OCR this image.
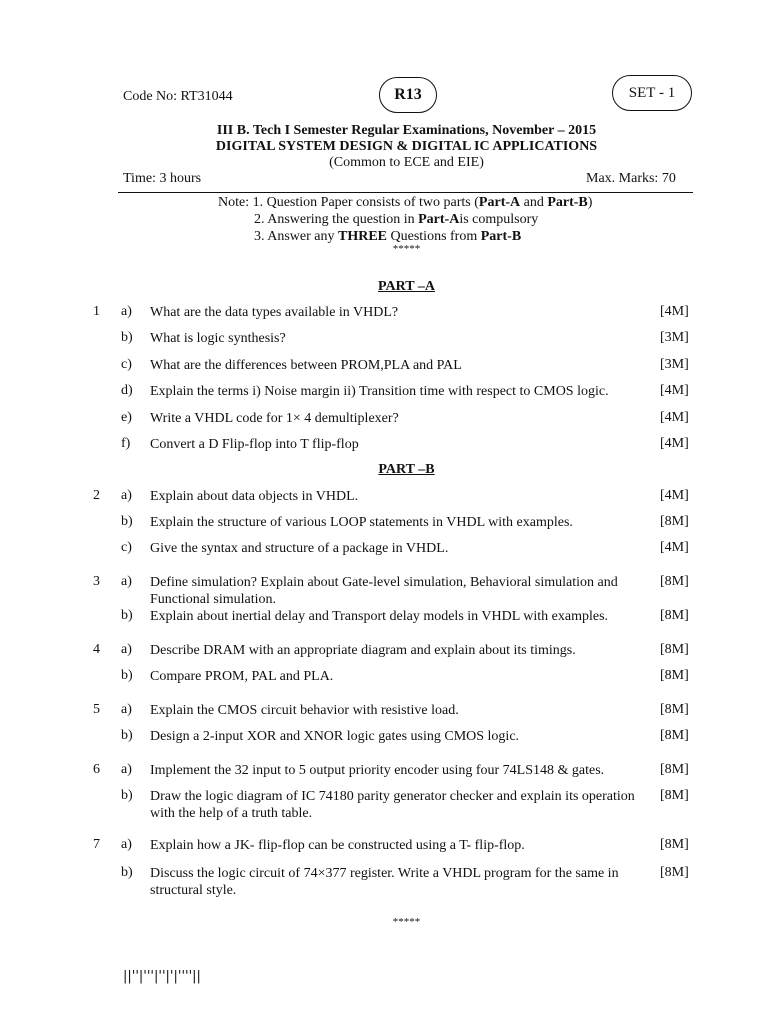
Code No: RT31044	R13	SET - 1
III B. Tech I Semester Regular Examinations, November – 2015
DIGITAL SYSTEM DESIGN & DIGITAL IC APPLICATIONS
(Common to ECE and EIE)
Time: 3 hours	Max. Marks: 70
Note: 1. Question Paper consists of two parts (Part-A and Part-B)
2. Answering the question in Part-Ais compulsory
3. Answer any THREE Questions from Part-B
*****
PART –A
1 a) What are the data types available in VHDL?	[4M]
b) What is logic synthesis?	[3M]
c) What are the differences between PROM,PLA and PAL	[3M]
d) Explain the terms i) Noise margin ii) Transition time with respect to CMOS logic.	[4M]
e) Write a VHDL code for 1× 4 demultiplexer?	[4M]
f) Convert a D Flip-flop into T flip-flop	[4M]
PART –B
2 a) Explain about data objects in VHDL.	[4M]
b) Explain the structure of various LOOP statements in VHDL with examples.	[8M]
c) Give the syntax and structure of a package in VHDL.	[4M]
3 a) Define simulation? Explain about Gate-level simulation, Behavioral simulation and Functional simulation.
[8M]
b) Explain about inertial delay and Transport delay models in VHDL with examples.	[8M]
4 a) Describe DRAM with an appropriate diagram and explain about its timings.	[8M]
b) Compare PROM, PAL and PLA.	[8M]
5 a) Explain the CMOS circuit behavior with resistive load.	[8M]
b) Design a 2-input XOR and XNOR logic gates using CMOS logic.	[8M]
6 a) Implement the 32 input to 5 output priority encoder using four 74LS148 & gates.	[8M]
b) Draw the logic diagram of IC 74180 parity generator checker and explain its operation with the help of a truth table.
[8M]
7 a) Explain how a JK- flip-flop can be constructed using a T- flip-flop.	[8M]
b) Discuss the logic circuit of 74×377 register. Write a VHDL program for the same in structural style.
[8M]
*****
||''|'''|''|'|''''||
